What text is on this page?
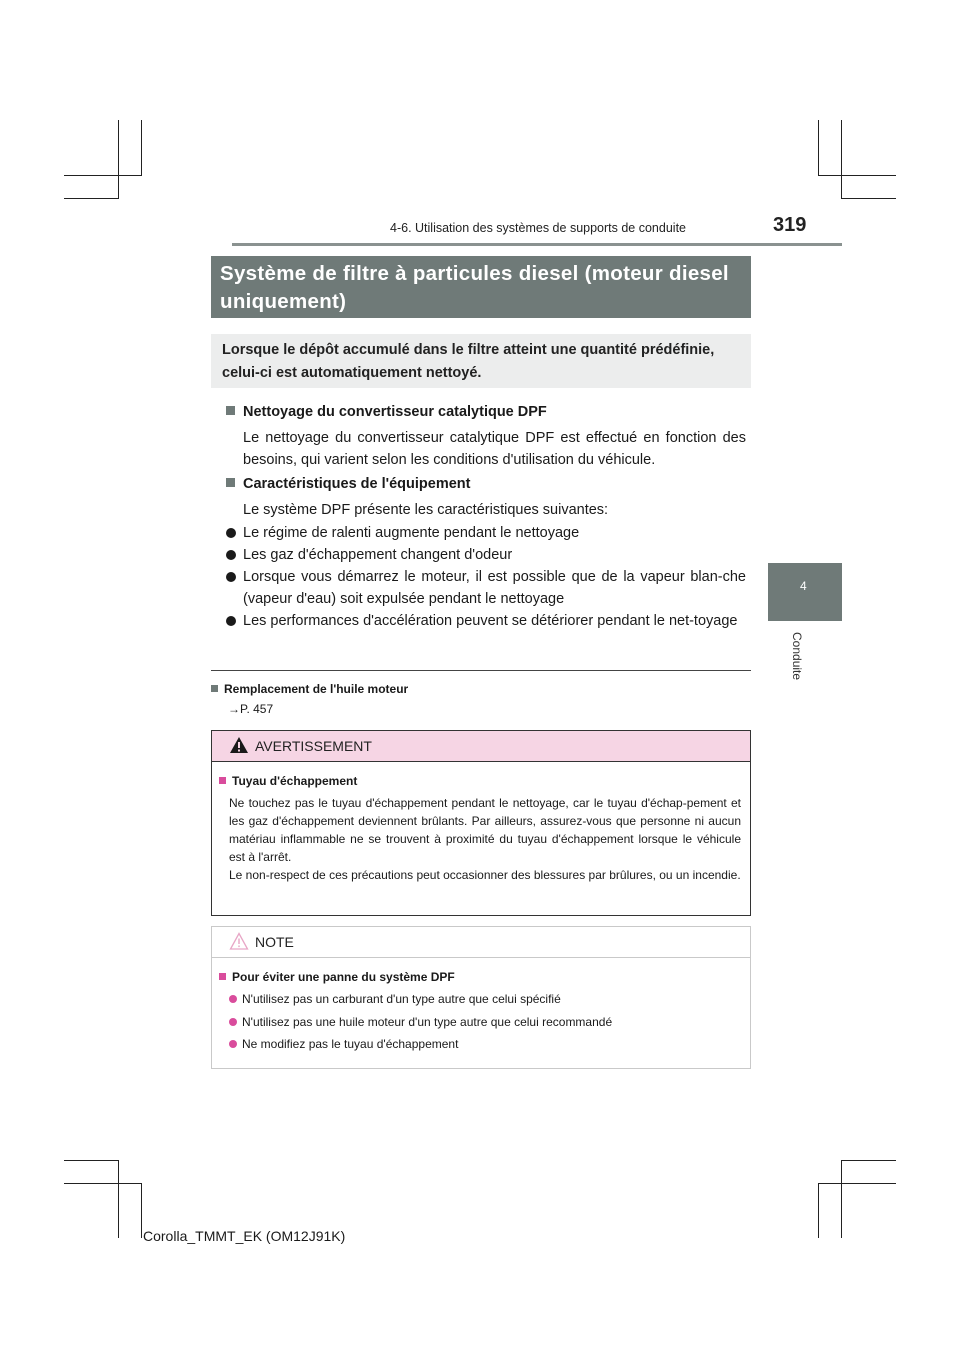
4-6. Utilisation des systèmes de supports de conduite	319
4
Conduite
Système de filtre à particules diesel (moteur diesel uniquement)
Lorsque le dépôt accumulé dans le filtre atteint une quantité prédéfinie, celui-ci est automatiquement nettoyé.
Nettoyage du convertisseur catalytique DPF
Le nettoyage du convertisseur catalytique DPF est effectué en fonction des besoins, qui varient selon les conditions d'utilisation du véhicule.
Caractéristiques de l'équipement
Le système DPF présente les caractéristiques suivantes:
Le régime de ralenti augmente pendant le nettoyage
Les gaz d'échappement changent d'odeur
Lorsque vous démarrez le moteur, il est possible que de la vapeur blan-che (vapeur d'eau) soit expulsée pendant le nettoyage
Les performances d'accélération peuvent se détériorer pendant le net-toyage
Remplacement de l'huile moteur
→P. 457
AVERTISSEMENT
Tuyau d'échappement
Ne touchez pas le tuyau d'échappement pendant le nettoyage, car le tuyau d'échap-pement et les gaz d'échappement deviennent brûlants. Par ailleurs, assurez-vous que personne ni aucun matériau inflammable ne se trouvent à proximité du tuyau d'échappement lorsque le véhicule est à l'arrêt.
Le non-respect de ces précautions peut occasionner des blessures par brûlures, ou un incendie.
NOTE
Pour éviter une panne du système DPF
N'utilisez pas un carburant d'un type autre que celui spécifié
N'utilisez pas une huile moteur d'un type autre que celui recommandé
Ne modifiez pas le tuyau d'échappement
Corolla_TMMT_EK (OM12J91K)
